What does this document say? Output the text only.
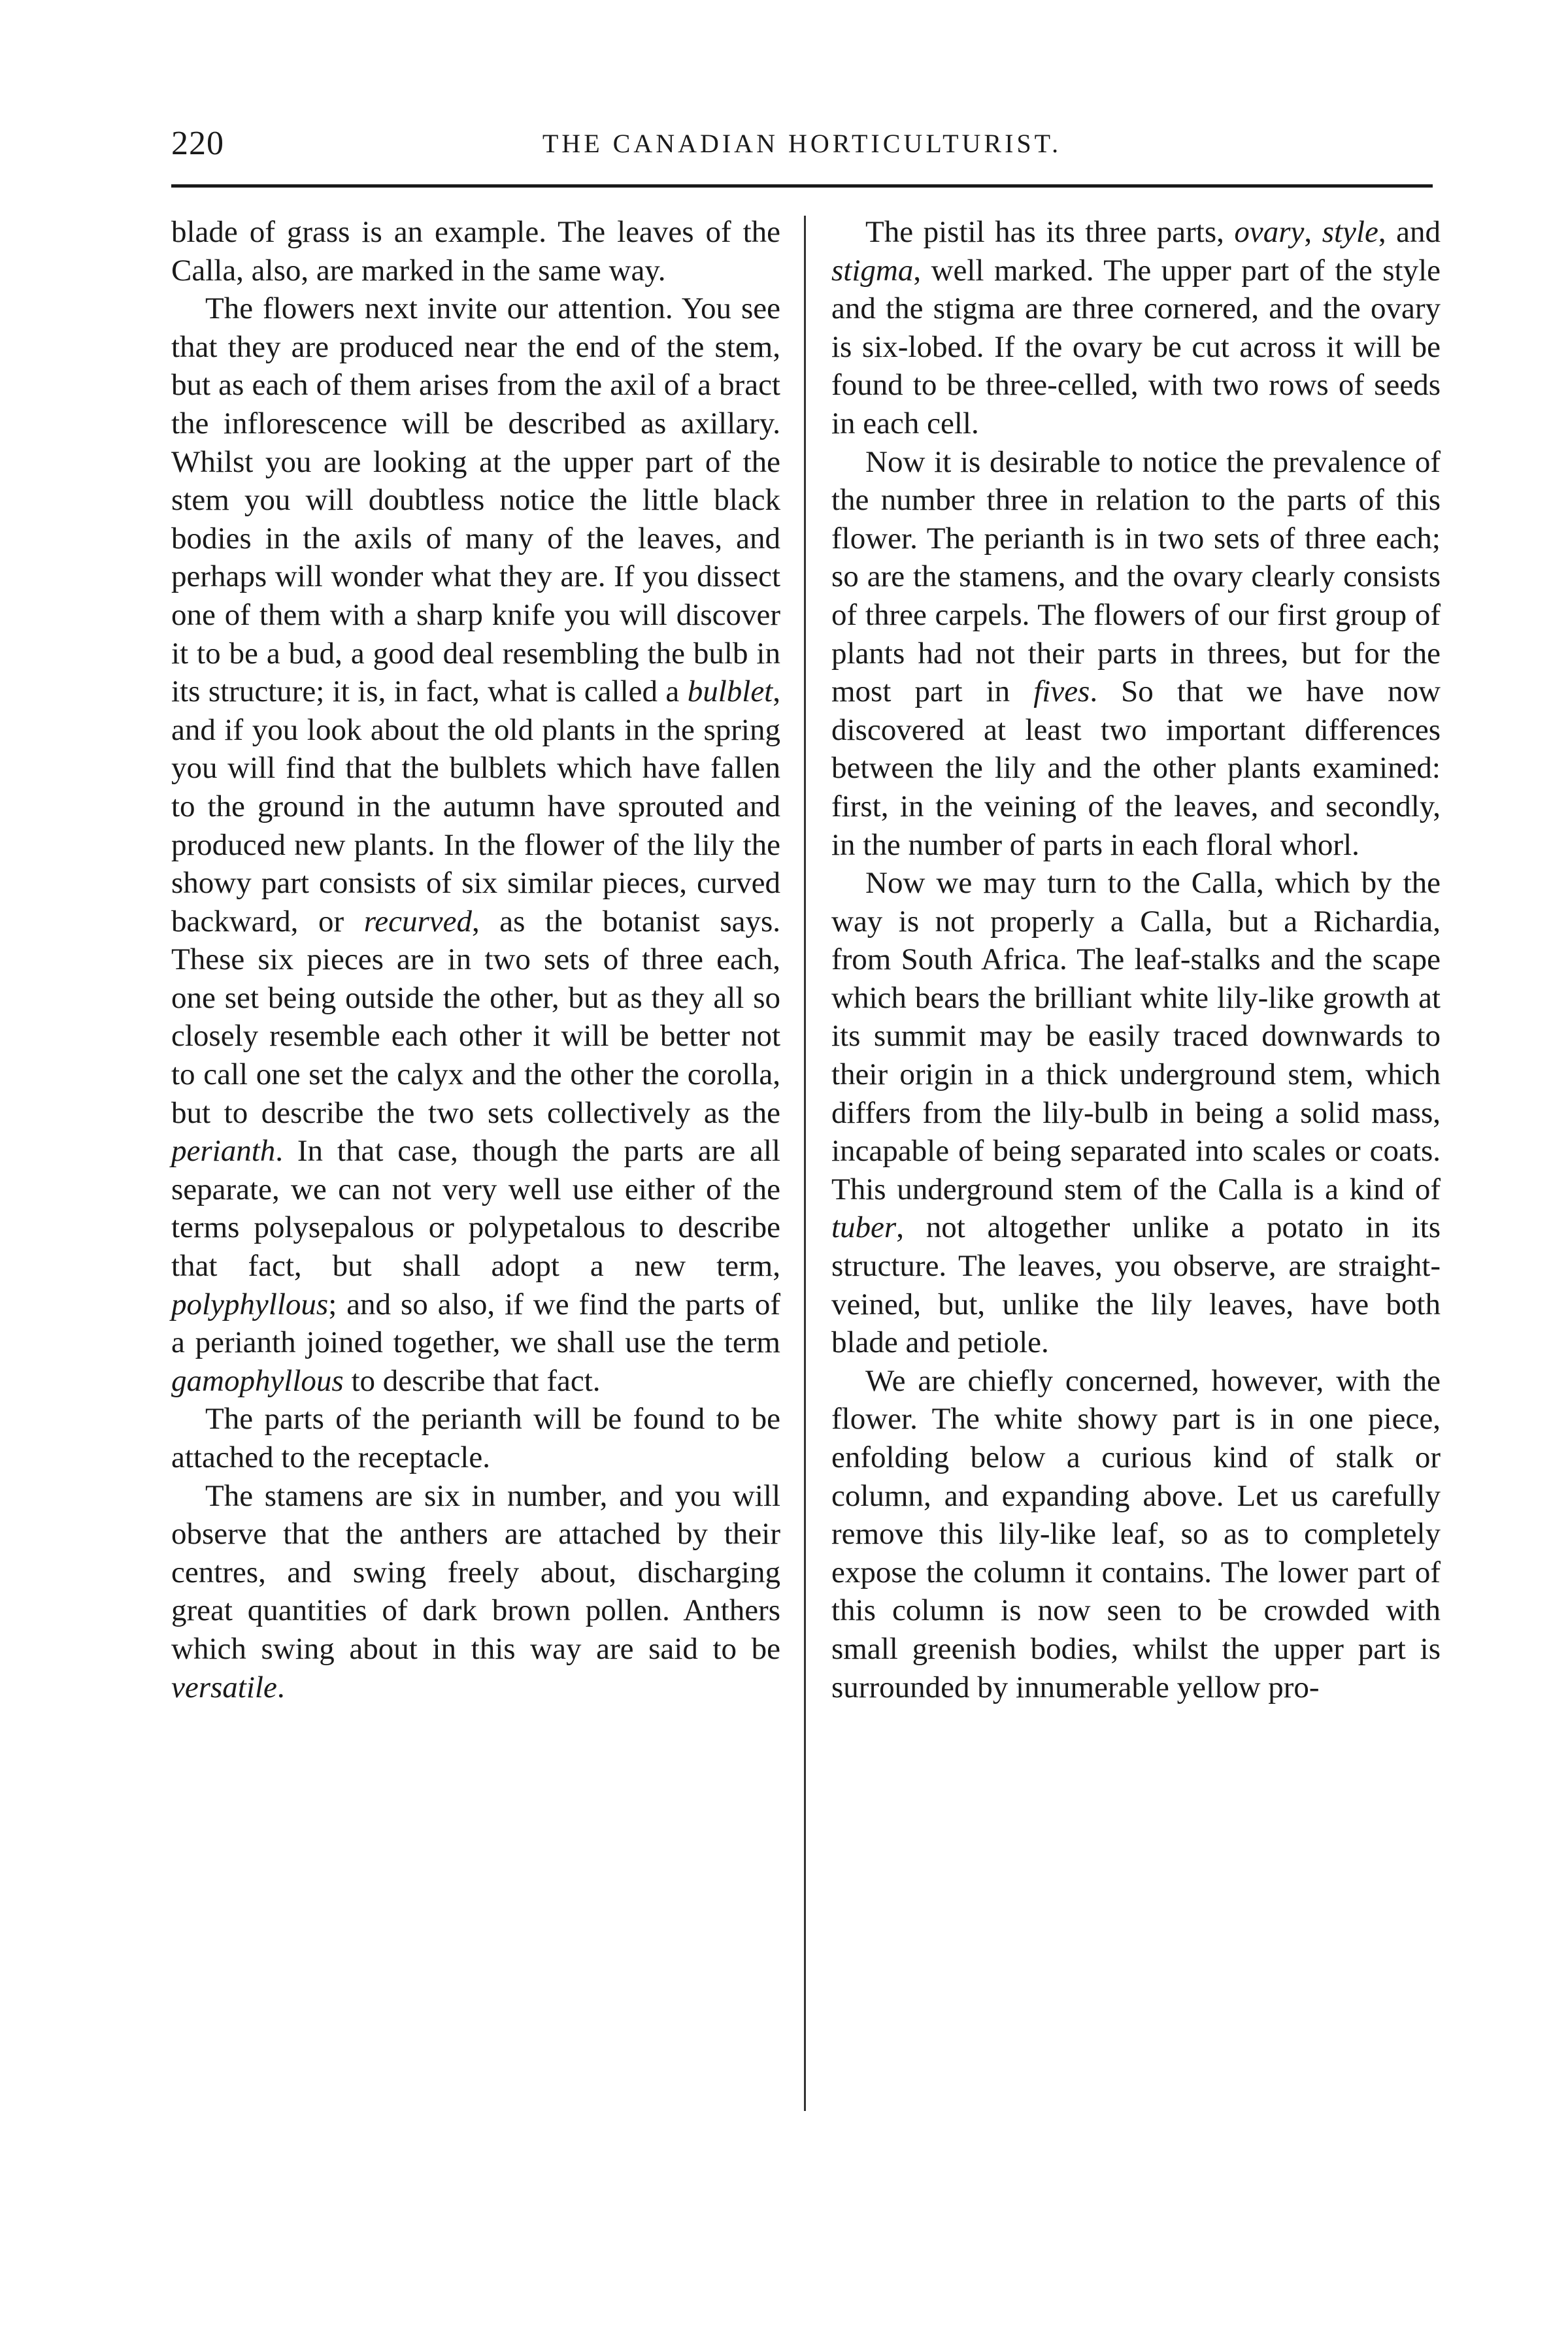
220	THE CANADIAN HORTICULTURIST.

blade of grass is an example. The leaves of the Calla, also, are marked in the same way.

The flowers next invite our attention. You see that they are produced near the end of the stem, but as each of them arises from the axil of a bract the inflorescence will be described as axillary. Whilst you are looking at the upper part of the stem you will doubtless notice the little black bodies in the axils of many of the leaves, and perhaps will wonder what they are. If you dissect one of them with a sharp knife you will discover it to be a bud, a good deal resembling the bulb in its structure; it is, in fact, what is called a bulblet, and if you look about the old plants in the spring you will find that the bulblets which have fallen to the ground in the autumn have sprouted and produced new plants. In the flower of the lily the showy part consists of six similar pieces, curved backward, or recurved, as the botanist says. These six pieces are in two sets of three each, one set being outside the other, but as they all so closely resemble each other it will be better not to call one set the calyx and the other the corolla, but to describe the two sets collectively as the perianth. In that case, though the parts are all separate, we can not very well use either of the terms polysepalous or polypetalous to describe that fact, but shall adopt a new term, polyphyllous; and so also, if we find the parts of a perianth joined together, we shall use the term gamophyllous to describe that fact.

The parts of the perianth will be found to be attached to the receptacle.

The stamens are six in number, and you will observe that the anthers are attached by their centres, and swing freely about, discharging great quantities of dark brown pollen. Anthers which swing about in this way are said to be versatile.

The pistil has its three parts, ovary, style, and stigma, well marked. The upper part of the style and the stigma are three cornered, and the ovary is six-lobed. If the ovary be cut across it will be found to be three-celled, with two rows of seeds in each cell.

Now it is desirable to notice the prevalence of the number three in relation to the parts of this flower. The perianth is in two sets of three each; so are the stamens, and the ovary clearly consists of three carpels. The flowers of our first group of plants had not their parts in threes, but for the most part in fives. So that we have now discovered at least two important differences between the lily and the other plants examined: first, in the veining of the leaves, and secondly, in the number of parts in each floral whorl.

Now we may turn to the Calla, which by the way is not properly a Calla, but a Richardia, from South Africa. The leaf-stalks and the scape which bears the brilliant white lily-like growth at its summit may be easily traced downwards to their origin in a thick underground stem, which differs from the lily-bulb in being a solid mass, incapable of being separated into scales or coats. This underground stem of the Calla is a kind of tuber, not altogether unlike a potato in its structure. The leaves, you observe, are straight-veined, but, unlike the lily leaves, have both blade and petiole.

We are chiefly concerned, however, with the flower. The white showy part is in one piece, enfolding below a curious kind of stalk or column, and expanding above. Let us carefully remove this lily-like leaf, so as to completely expose the column it contains. The lower part of this column is now seen to be crowded with small greenish bodies, whilst the upper part is surrounded by innumerable yellow pro-
